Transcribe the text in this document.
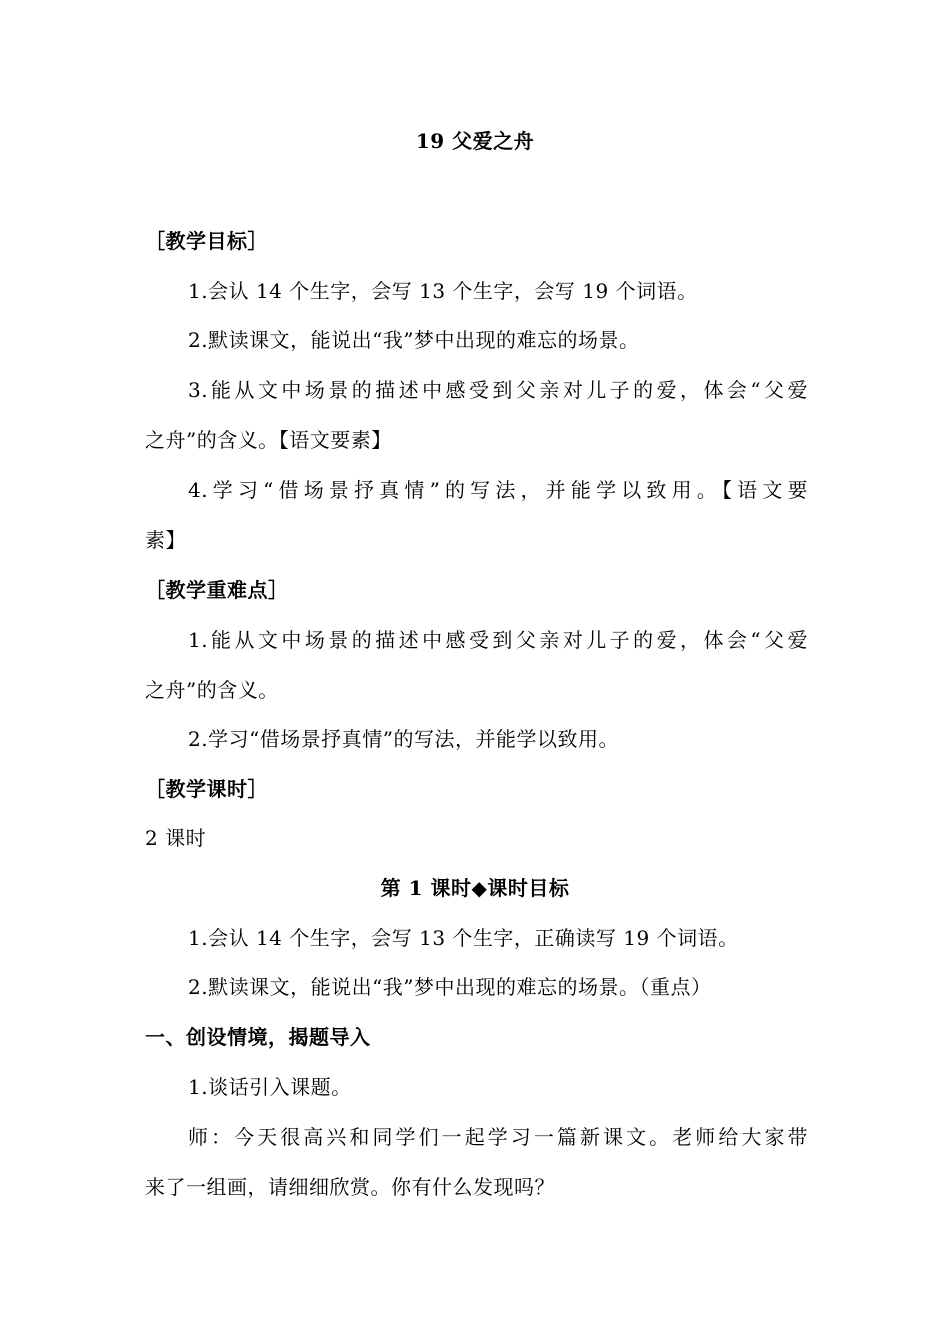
19 父爱之舟
［教学目标］
1.会认 14 个生字，会写 13 个生字，会写 19 个词语。
2.默读课文，能说出“我”梦中出现的难忘的场景。
3.能从文中场景的描述中感受到父亲对儿子的爱，体会“父爱
之舟”的含义。【语文要素】
4.学习“借场景抒真情”的写法，并能学以致用。【语文要
素】
［教学重难点］
1.能从文中场景的描述中感受到父亲对儿子的爱，体会“父爱
之舟”的含义。
2.学习“借场景抒真情”的写法，并能学以致用。
［教学课时］
2 课时
第 1 课时◆课时目标
1.会认 14 个生字，会写 13 个生字，正确读写 19 个词语。
2.默读课文，能说出“我”梦中出现的难忘的场景。（重点）
一、创设情境，揭题导入
1.谈话引入课题。
师：今天很高兴和同学们一起学习一篇新课文。老师给大家带
来了一组画，请细细欣赏。你有什么发现吗？
